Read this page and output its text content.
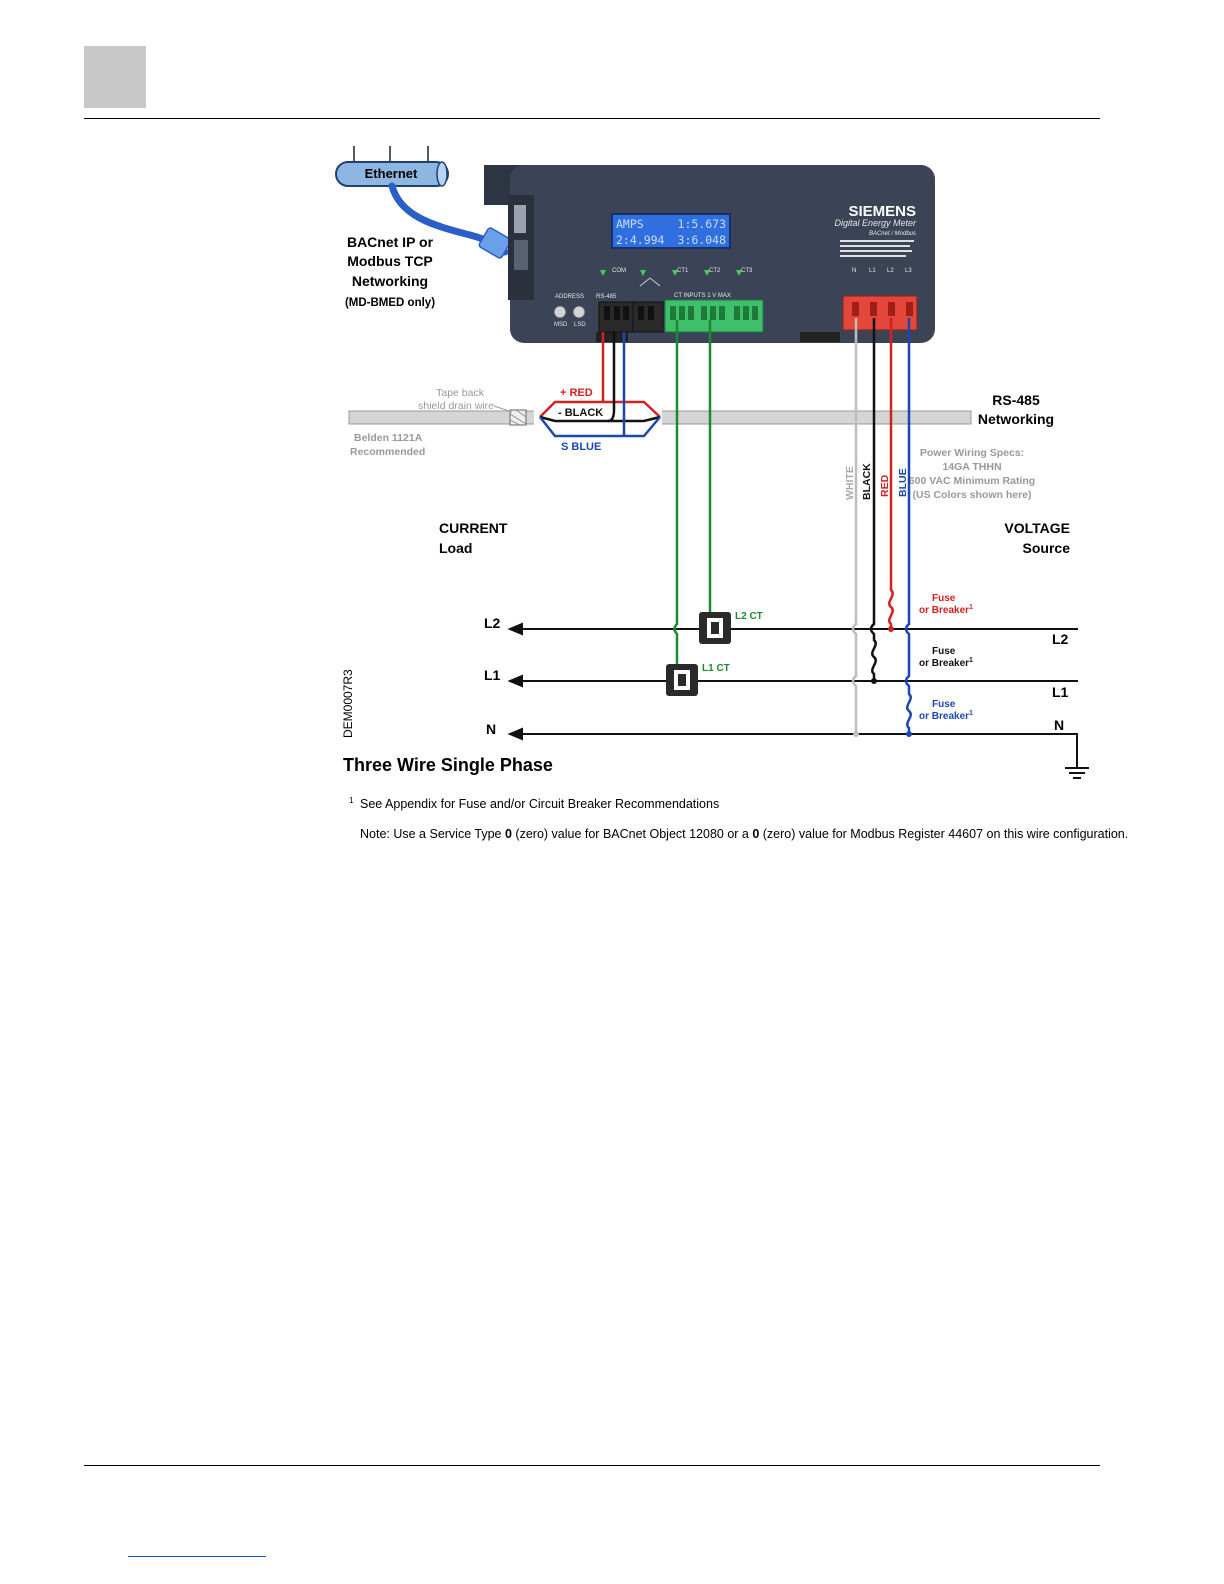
Ethernet
BACnet IP or
Modbus TCP
Networking
(MD-BMED only)
AMPS	1:5.673
2:4.994 3:6.048
SIEMENS
Digital Energy Meter
BACnet / Modbus
COM	CT1	CT2	CT3
ADDRESS
MSD LSD
RS-485	CT INPUTS 1 V MAX
N L1 L2 L3
+ RED
- BLACK
S BLUE
Tape back
shield drain wire
Belden 1121A
Recommended
RS-485
Networking
WHITE BLACK RED BLUE
Power Wiring Specs:
14GA THHN
600 VAC Minimum Rating
(US Colors shown here)
CURRENT
Load
VOLTAGE
Source
L2
L1
N
L2
L1
N
L2 CT
L1 CT
Fuse
or Breaker$^1$
Fuse
or Breaker$^1$
Fuse
or Breaker$^1$
DEM0007R3
Three Wire Single Phase
1 See Appendix for Fuse and/or Circuit Breaker Recommendations
Note: Use a Service Type 0 (zero) value for BACnet Object 12080 or a 0 (zero) value for Modbus Register 44607 on this wire configuration.
